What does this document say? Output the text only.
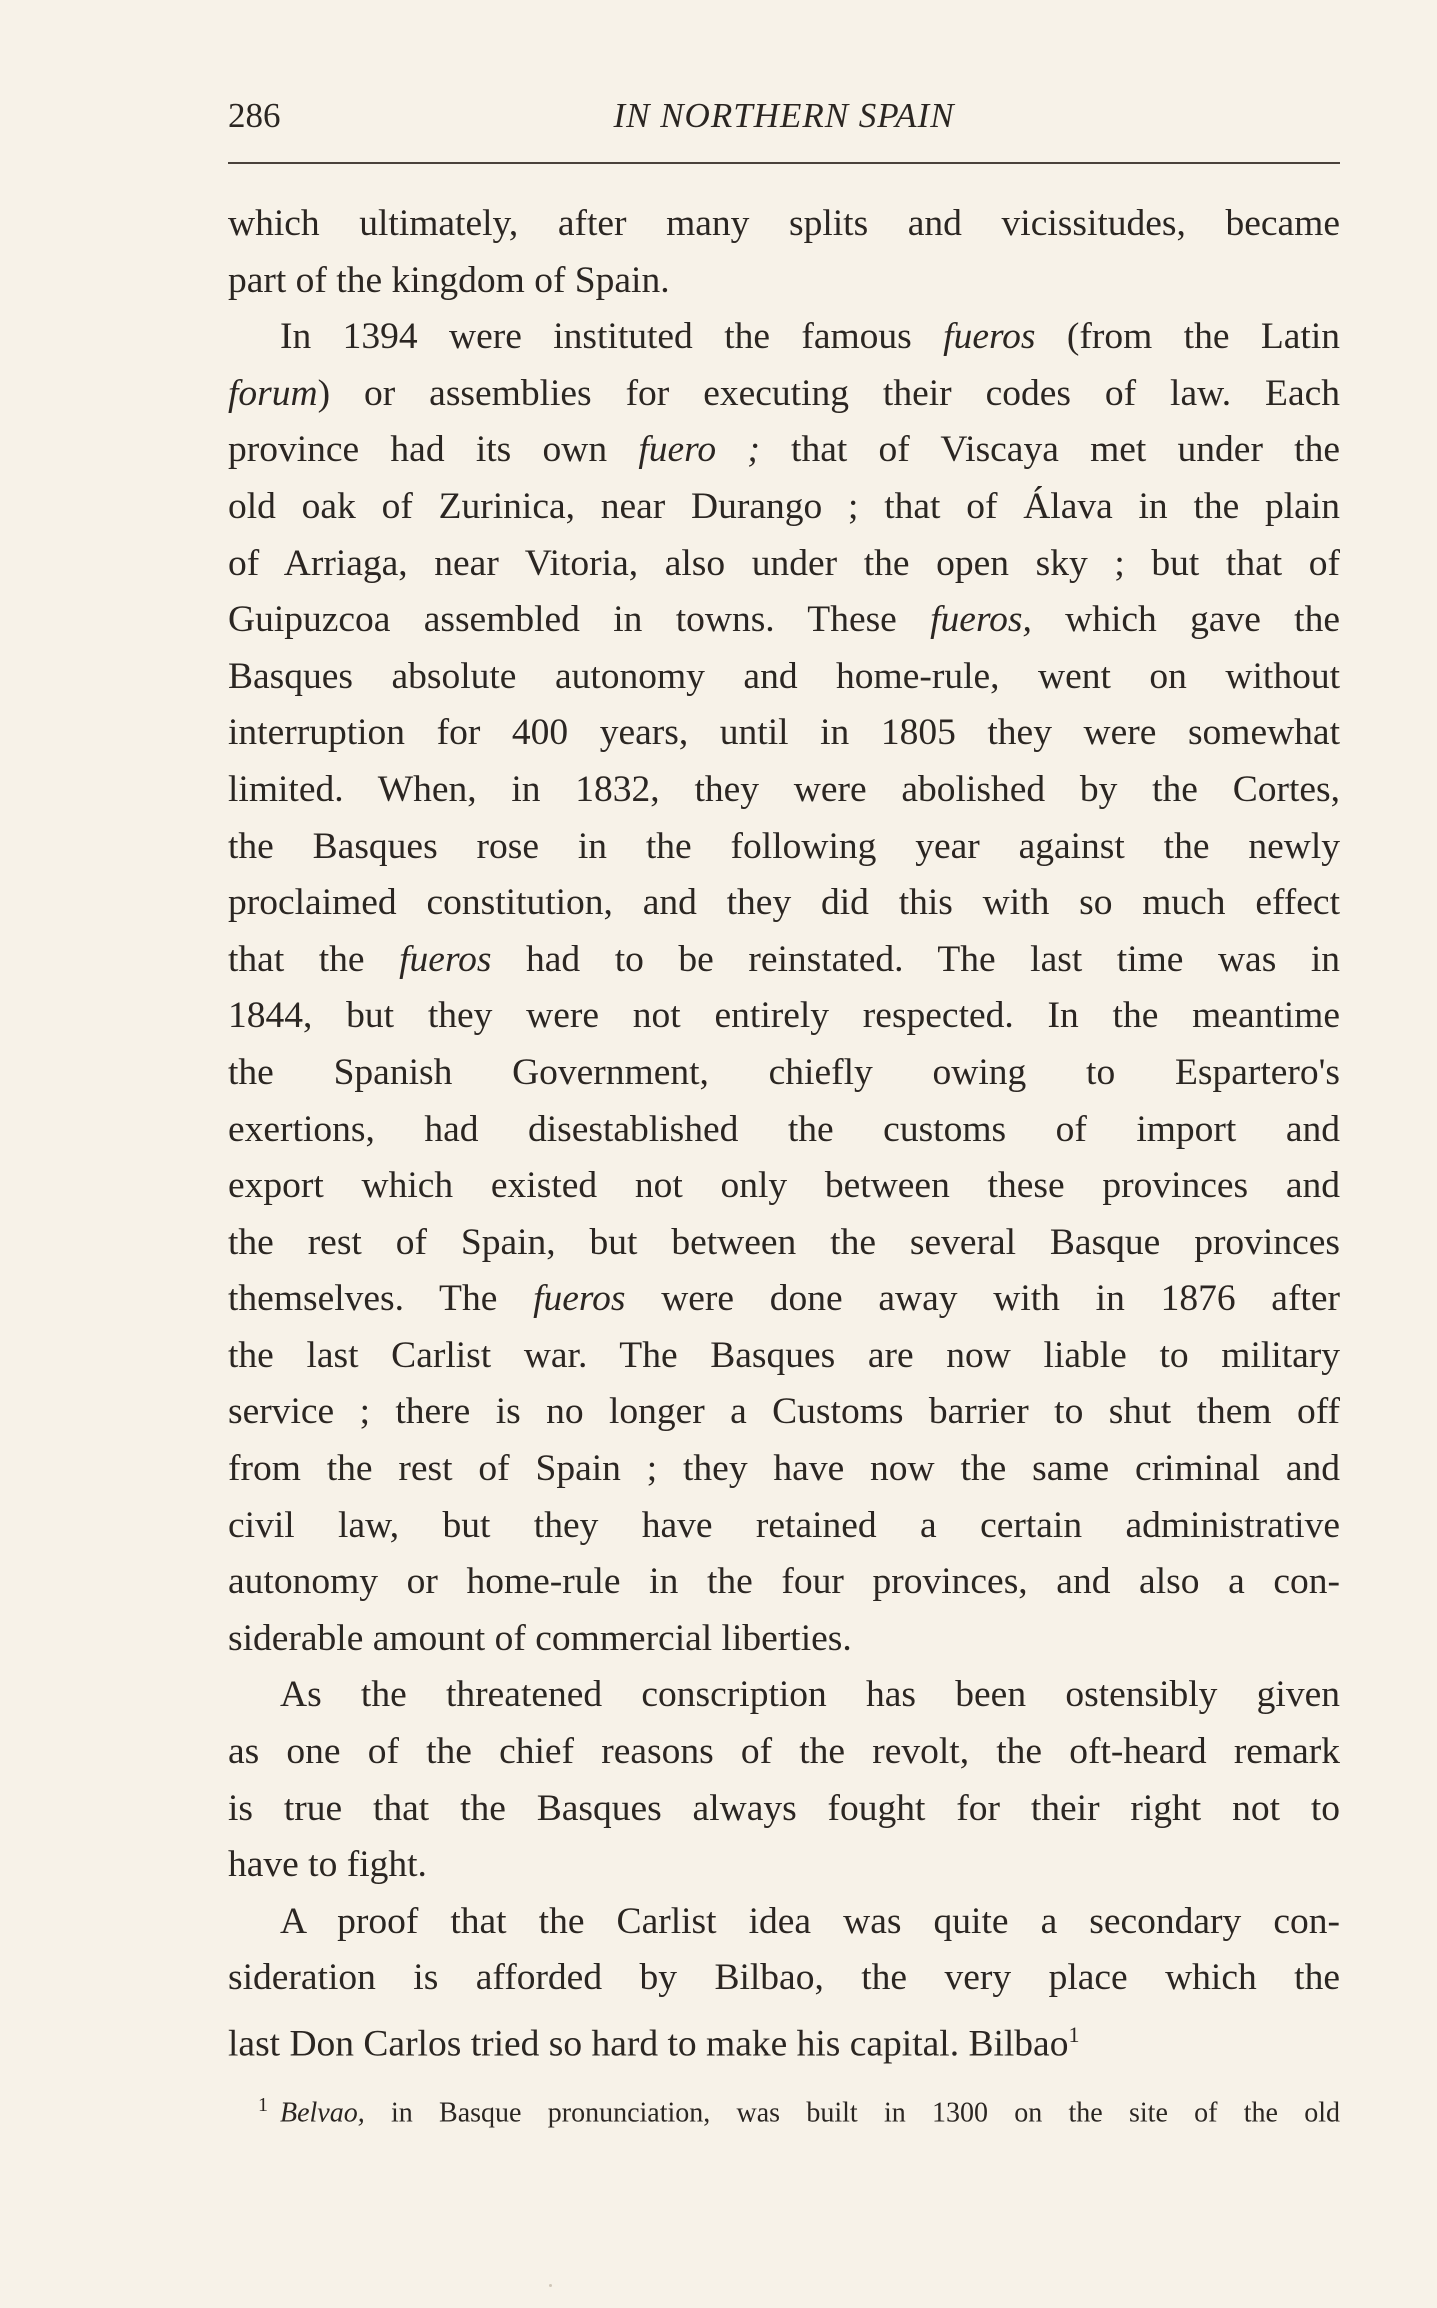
286	IN NORTHERN SPAIN
which ultimately, after many splits and vicissitudes, became
part of the kingdom of Spain.
In 1394 were instituted the famous fueros (from the Latin
forum) or assemblies for executing their codes of law. Each
province had its own fuero ; that of Viscaya met under the
old oak of Zurinica, near Durango ; that of Álava in the plain
of Arriaga, near Vitoria, also under the open sky ; but that of
Guipuzcoa assembled in towns. These fueros, which gave the
Basques absolute autonomy and home-rule, went on without
interruption for 400 years, until in 1805 they were somewhat
limited. When, in 1832, they were abolished by the Cortes,
the Basques rose in the following year against the newly
proclaimed constitution, and they did this with so much effect
that the fueros had to be reinstated. The last time was in
1844, but they were not entirely respected. In the meantime
the Spanish Government, chiefly owing to Espartero's
exertions, had disestablished the customs of import and
export which existed not only between these provinces and
the rest of Spain, but between the several Basque provinces
themselves. The fueros were done away with in 1876 after
the last Carlist war. The Basques are now liable to military
service ; there is no longer a Customs barrier to shut them off
from the rest of Spain ; they have now the same criminal and
civil law, but they have retained a certain administrative
autonomy or home-rule in the four provinces, and also a con-
siderable amount of commercial liberties.
As the threatened conscription has been ostensibly given
as one of the chief reasons of the revolt, the oft-heard remark
is true that the Basques always fought for their right not to
have to fight.
A proof that the Carlist idea was quite a secondary con-
sideration is afforded by Bilbao, the very place which the
last Don Carlos tried so hard to make his capital. Bilbao$^1$
$^1$ Belvao, in Basque pronunciation, was built in 1300 on the site of the old
